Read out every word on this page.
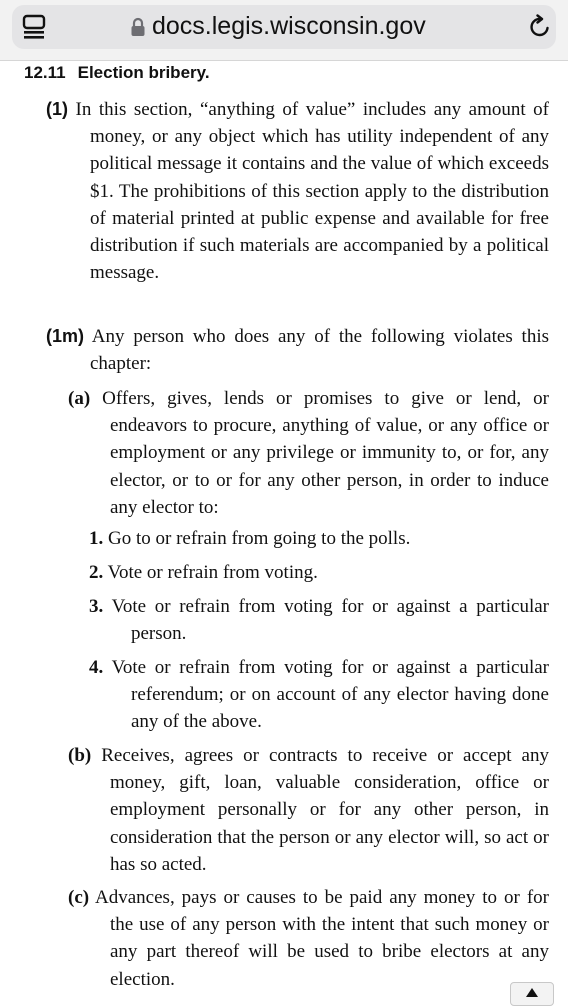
docs.legis.wisconsin.gov
12.11 Election bribery.
(1) In this section, “anything of value” includes any amount of money, or any object which has utility independent of any political message it contains and the value of which exceeds $1. The prohibitions of this section apply to the distribution of material printed at public expense and available for free distribution if such materials are accompanied by a political message.
(1m) Any person who does any of the following violates this chapter:
(a) Offers, gives, lends or promises to give or lend, or endeavors to procure, anything of value, or any office or employment or any privilege or immunity to, or for, any elector, or to or for any other person, in order to induce any elector to:
1. Go to or refrain from going to the polls.
2. Vote or refrain from voting.
3. Vote or refrain from voting for or against a particular person.
4. Vote or refrain from voting for or against a particular referendum; or on account of any elector having done any of the above.
(b) Receives, agrees or contracts to receive or accept any money, gift, loan, valuable consideration, office or employment personally or for any other person, in consideration that the person or any elector will, so act or has so acted.
(c) Advances, pays or causes to be paid any money to or for the use of any person with the intent that such money or any part thereof will be used to bribe electors at any election.
